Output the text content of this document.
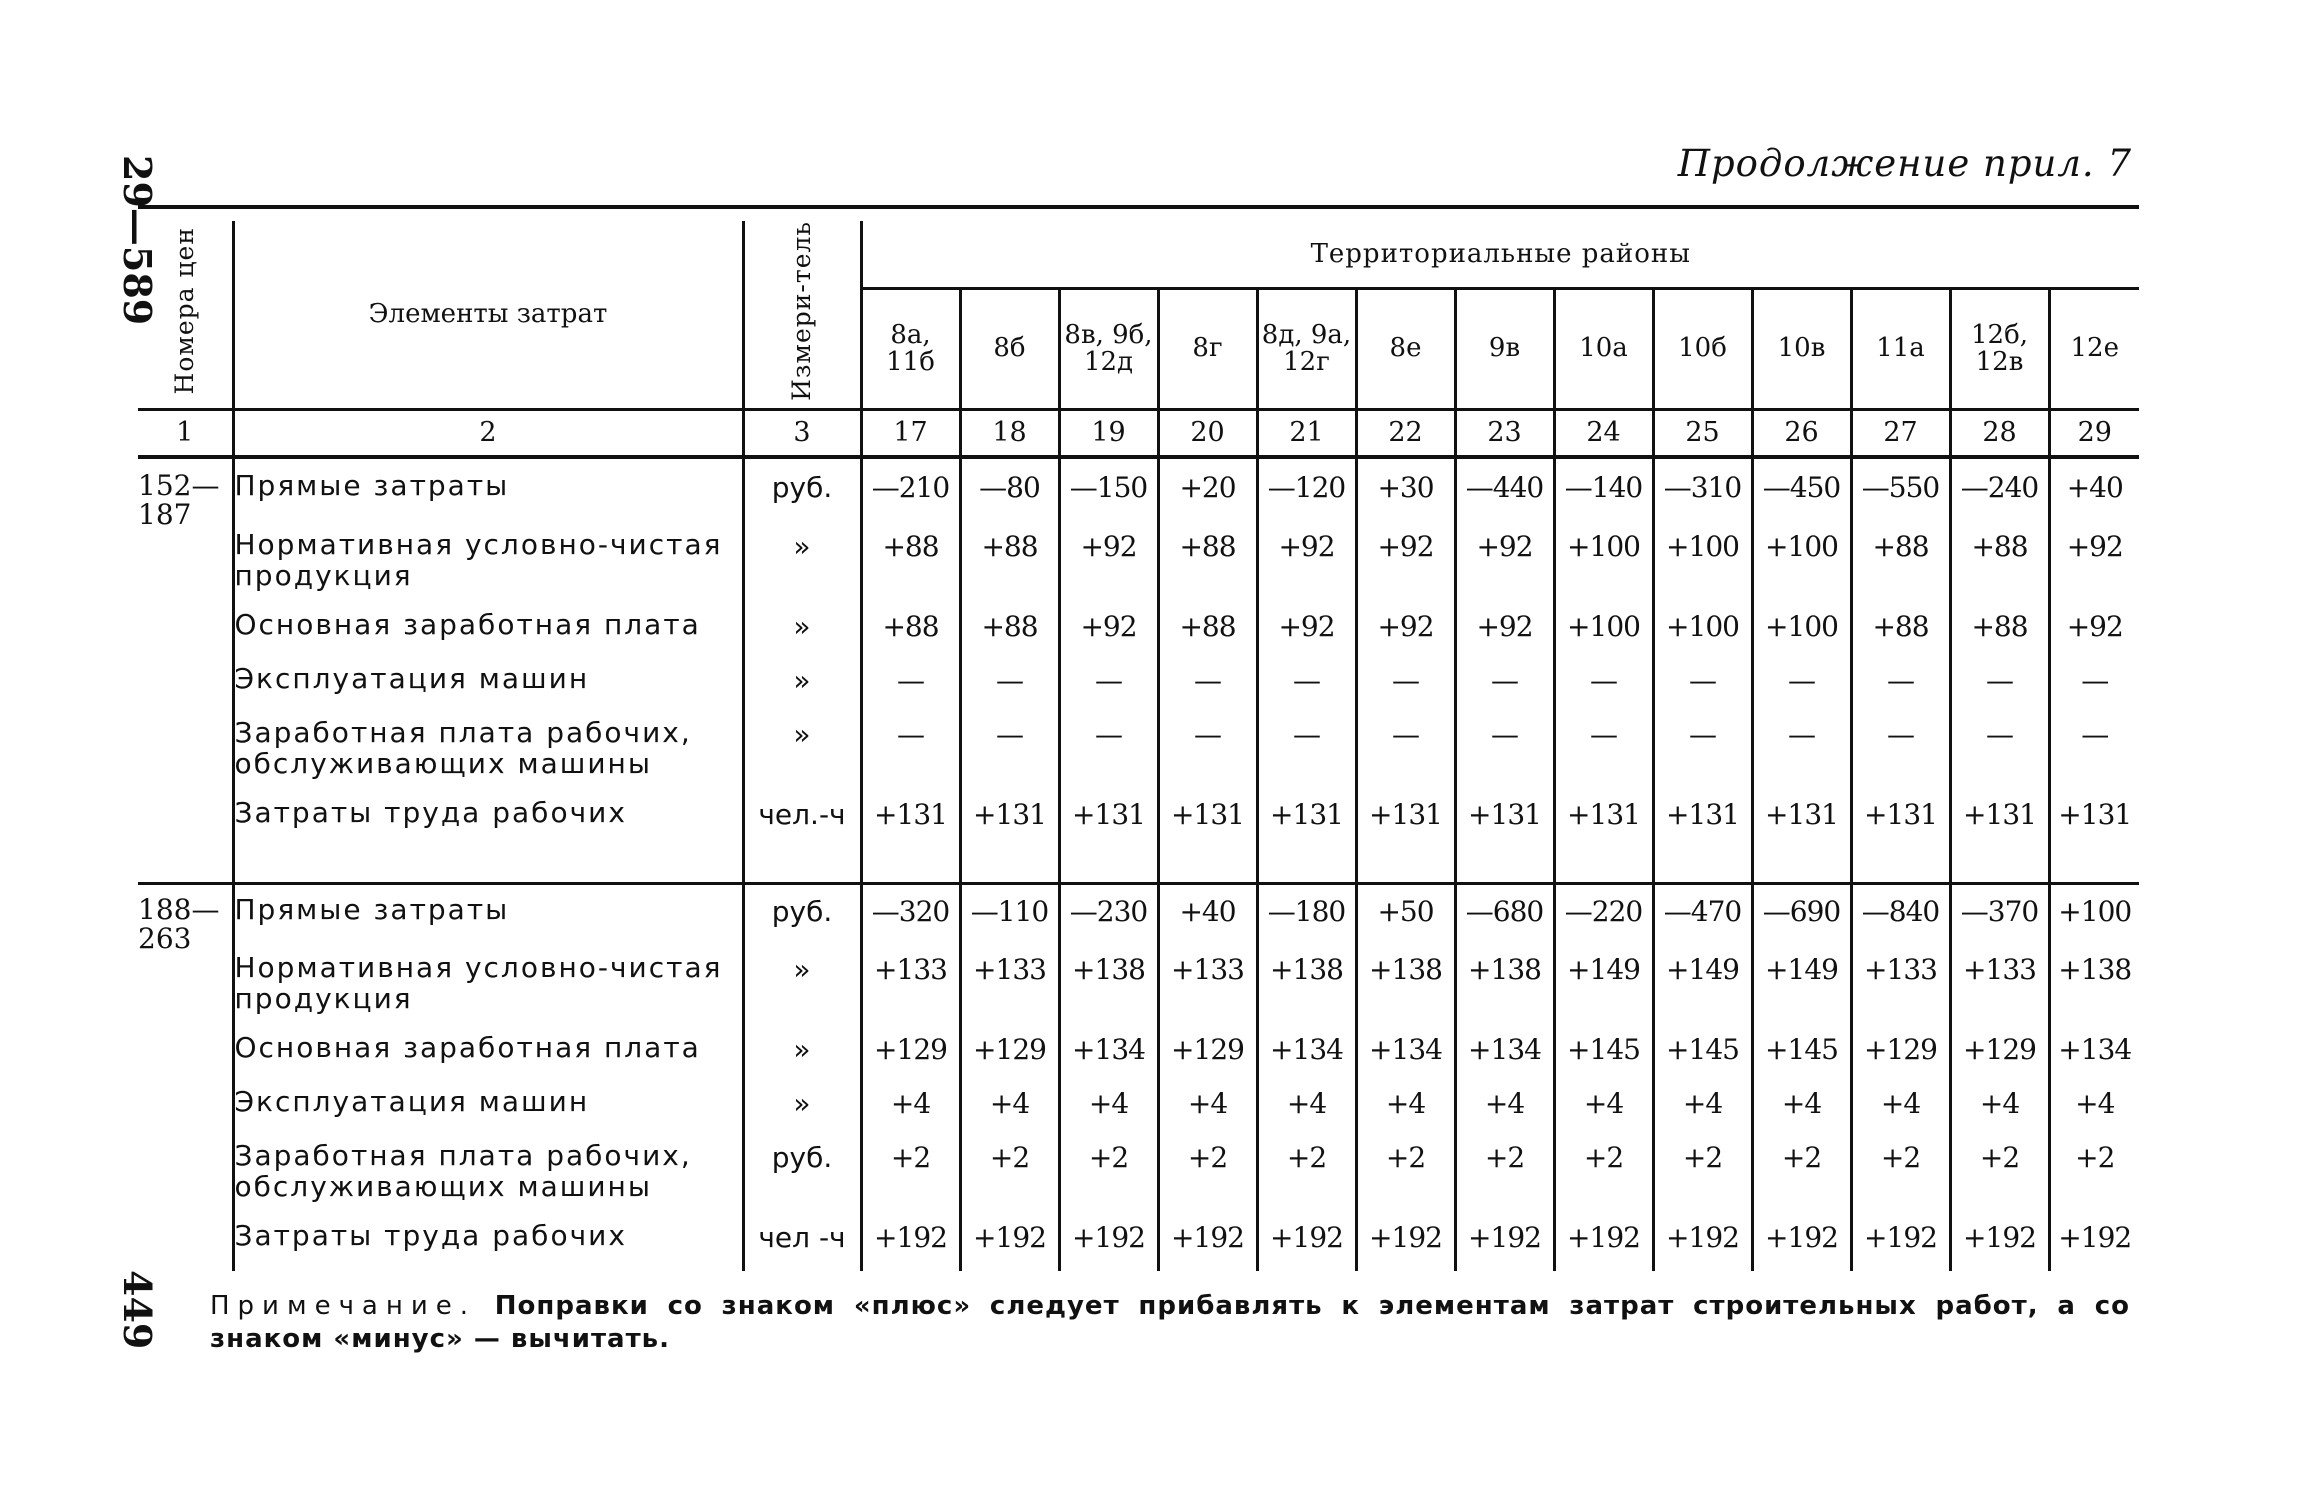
29—589
449
Продолжение прил. 7

Номера цен	Элементы затрат	Измери-тель	Территориальные районы												
			8а, 11б	8б	8в, 9б, 12д	8г	8д, 9а, 12г	8е	9в	10а	10б	10в	11а	12б, 12в	12е
1	2	3	17	18	19	20	21	22	23	24	25	26	27	28	29

152— 187	Прямые затраты	руб.	—210	—80	—150	+20	—120	+30	—440	—140	—310	—450	—550	—240	+40
	Нормативная условно-чистая продукция	»	+88	+88	+92	+88	+92	+92	+92	+100	+100	+100	+88	+88	+92
	Основная заработная плата	»	+88	+88	+92	+88	+92	+92	+92	+100	+100	+100	+88	+88	+92
	Эксплуатация машин	»	—	—	—	—	—	—	—	—	—	—	—	—	—
	Заработная плата рабочих, обслуживающих машины	»	—	—	—	—	—	—	—	—	—	—	—	—	—
	Затраты труда рабочих	чел.-ч	+131	+131	+131	+131	+131	+131	+131	+131	+131	+131	+131	+131	+131

188— 263	Прямые затраты	руб.	—320	—110	—230	+40	—180	+50	—680	—220	—470	—690	—840	—370	+100
	Нормативная условно-чистая продукция	»	+133	+133	+138	+133	+138	+138	+138	+149	+149	+149	+133	+133	+138
	Основная заработная плата	»	+129	+129	+134	+129	+134	+134	+134	+145	+145	+145	+129	+129	+134
	Эксплуатация машин	»	+4	+4	+4	+4	+4	+4	+4	+4	+4	+4	+4	+4	+4
	Заработная плата рабочих, обслуживающих машины	руб.	+2	+2	+2	+2	+2	+2	+2	+2	+2	+2	+2	+2	+2
	Затраты труда рабочих	чел -ч	+192	+192	+192	+192	+192	+192	+192	+192	+192	+192	+192	+192	+192
Примечание. Поправки со знаком «плюс» следует прибавлять к элементам затрат строительных работ, а со знаком «минус» — вычитать.
